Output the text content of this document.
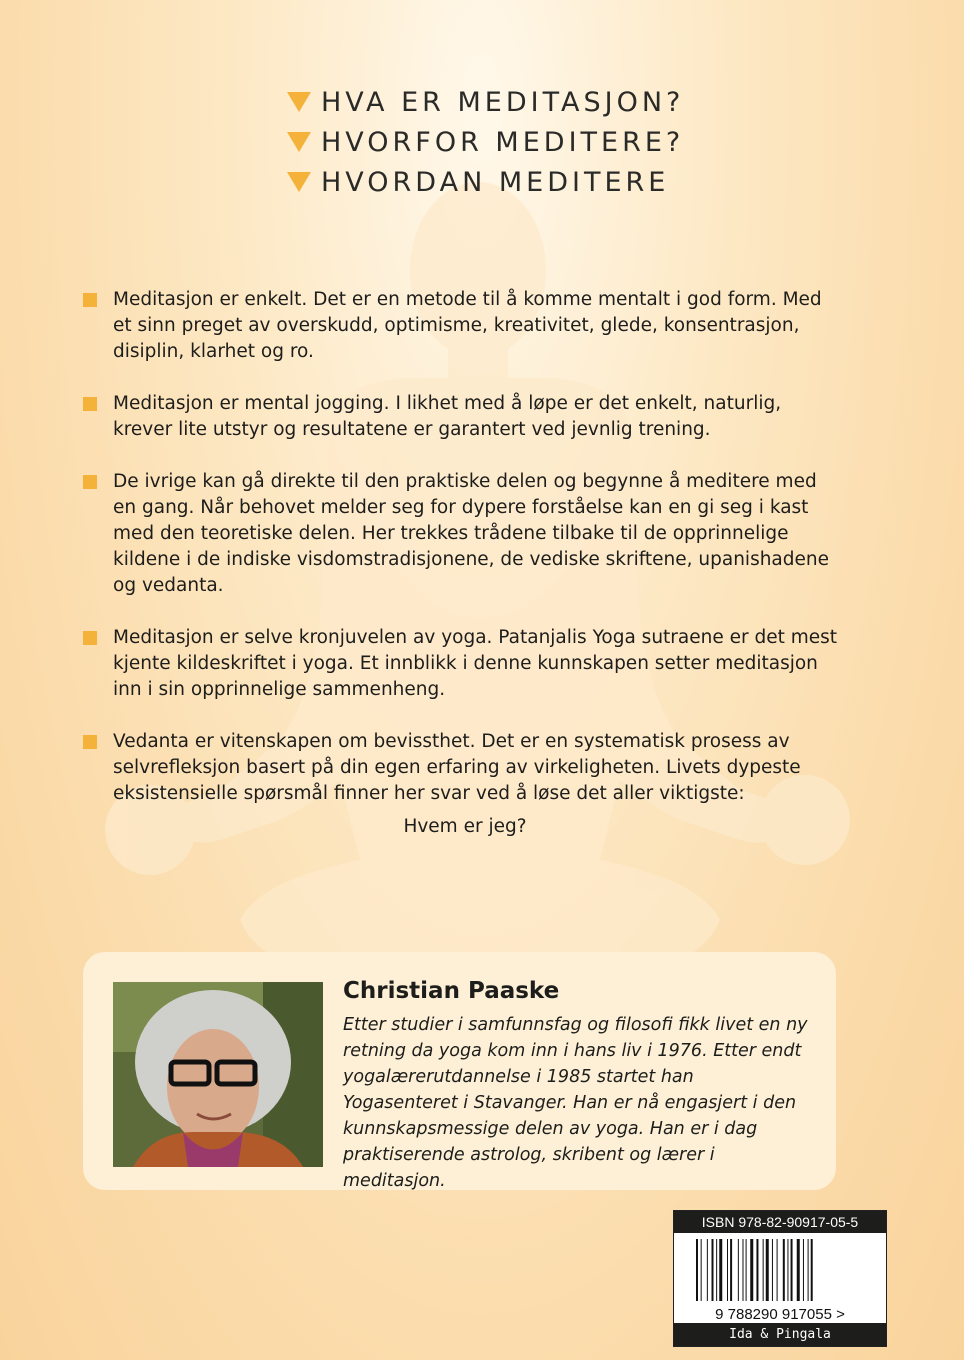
HVA ER MEDITASJON?
HVORFOR MEDITERE?
HVORDAN MEDITERE
Meditasjon er enkelt. Det er en metode til å komme mentalt i god form. Med et sinn preget av overskudd, optimisme, kreativitet, glede, konsentrasjon, disiplin, klarhet og ro.
Meditasjon er mental jogging. I likhet med å løpe er det enkelt, naturlig, krever lite utstyr og resultatene er garantert ved jevnlig trening.
De ivrige kan gå direkte til den praktiske delen og begynne å meditere med en gang. Når behovet melder seg for dypere forståelse kan en gi seg i kast med den teoretiske delen. Her trekkes trådene tilbake til de opprinnelige kildene i de indiske visdomstradisjonene, de vediske skriftene, upanishadene og vedanta.
Meditasjon er selve kronjuvelen av yoga. Patanjalis Yoga sutraene er det mest kjente kildeskriftet i yoga. Et innblikk i denne kunnskapen setter meditasjon inn i sin opprinnelige sammenheng.
Vedanta er vitenskapen om bevissthet. Det er en systematisk prosess av selvrefleksjon basert på din egen erfaring av virkeligheten. Livets dypeste eksistensielle spørsmål finner her svar ved å løse det aller viktigste:
Hvem er jeg?
Christian Paaske
Etter studier i samfunnsfag og filosofi fikk livet en ny retning da yoga kom inn i hans liv i 1976. Etter endt yogalærerutdannelse i 1985 startet han Yogasenteret i Stavanger. Han er nå engasjert i den kunnskapsmessige delen av yoga. Han er i dag praktiserende astrolog, skribent og lærer i meditasjon.
ISBN 978-82-90917-05-5
9 788290 917055 >
Ida & Pingala
